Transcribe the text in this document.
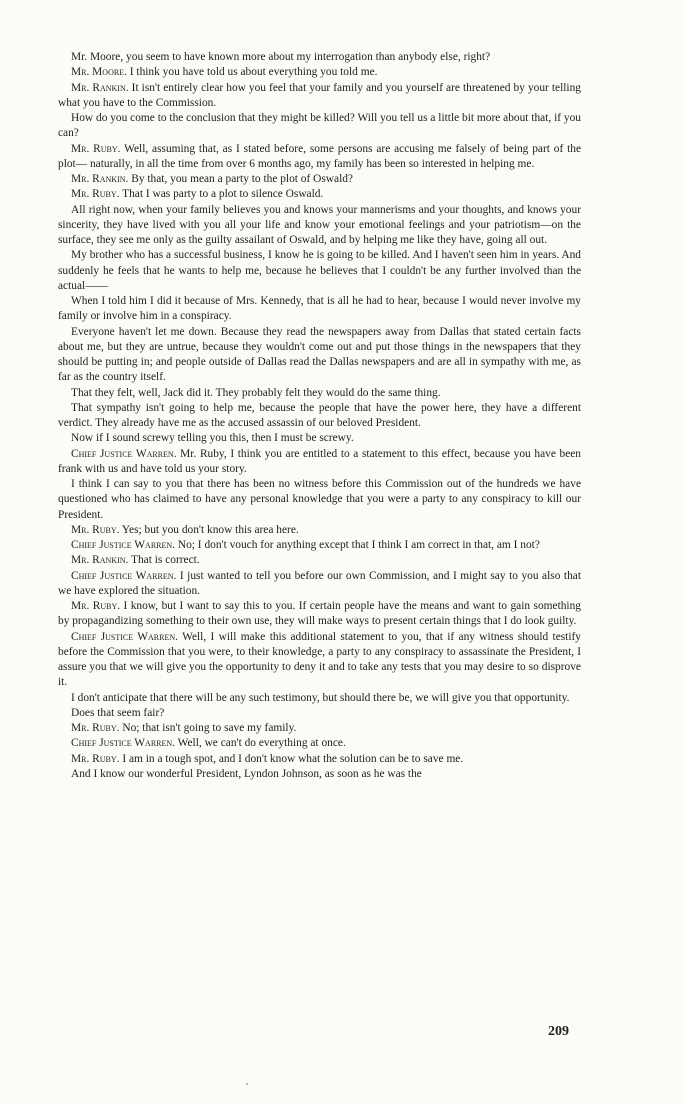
Mr. Moore, you seem to have known more about my interrogation than anybody else, right?

Mr. Moore. I think you have told us about everything you told me.

Mr. Rankin. It isn't entirely clear how you feel that your family and you yourself are threatened by your telling what you have to the Commission.

How do you come to the conclusion that they might be killed? Will you tell us a little bit more about that, if you can?

Mr. Ruby. Well, assuming that, as I stated before, some persons are accusing me falsely of being part of the plot— naturally, in all the time from over 6 months ago, my family has been so interested in helping me.

Mr. Rankin. By that, you mean a party to the plot of Oswald?

Mr. Ruby. That I was party to a plot to silence Oswald.

All right now, when your family believes you and knows your mannerisms and your thoughts, and knows your sincerity, they have lived with you all your life and know your emotional feelings and your patriotism—on the surface, they see me only as the guilty assailant of Oswald, and by helping me like they have, going all out.

My brother who has a successful business, I know he is going to be killed. And I haven't seen him in years. And suddenly he feels that he wants to help me, because he believes that I couldn't be any further involved than the actual——

When I told him I did it because of Mrs. Kennedy, that is all he had to hear, because I would never involve my family or involve him in a conspiracy.

Everyone haven't let me down. Because they read the newspapers away from Dallas that stated certain facts about me, but they are untrue, because they wouldn't come out and put those things in the newspapers that they should be putting in; and people outside of Dallas read the Dallas newspapers and are all in sympathy with me, as far as the country itself.

That they felt, well, Jack did it. They probably felt they would do the same thing.

That sympathy isn't going to help me, because the people that have the power here, they have a different verdict. They already have me as the accused assassin of our beloved President.

Now if I sound screwy telling you this, then I must be screwy.

Chief Justice Warren. Mr. Ruby, I think you are entitled to a statement to this effect, because you have been frank with us and have told us your story.

I think I can say to you that there has been no witness before this Commission out of the hundreds we have questioned who has claimed to have any personal knowledge that you were a party to any conspiracy to kill our President.

Mr. Ruby. Yes; but you don't know this area here.

Chief Justice Warren. No; I don't vouch for anything except that I think I am correct in that, am I not?

Mr. Rankin. That is correct.

Chief Justice Warren. I just wanted to tell you before our own Commission, and I might say to you also that we have explored the situation.

Mr. Ruby. I know, but I want to say this to you. If certain people have the means and want to gain something by propagandizing something to their own use, they will make ways to present certain things that I do look guilty.

Chief Justice Warren. Well, I will make this additional statement to you, that if any witness should testify before the Commission that you were, to their knowledge, a party to any conspiracy to assassinate the President, I assure you that we will give you the opportunity to deny it and to take any tests that you may desire to so disprove it.

I don't anticipate that there will be any such testimony, but should there be, we will give you that opportunity.

Does that seem fair?

Mr. Ruby. No; that isn't going to save my family.

Chief Justice Warren. Well, we can't do everything at once.

Mr. Ruby. I am in a tough spot, and I don't know what the solution can be to save me.

And I know our wonderful President, Lyndon Johnson, as soon as he was the

209
